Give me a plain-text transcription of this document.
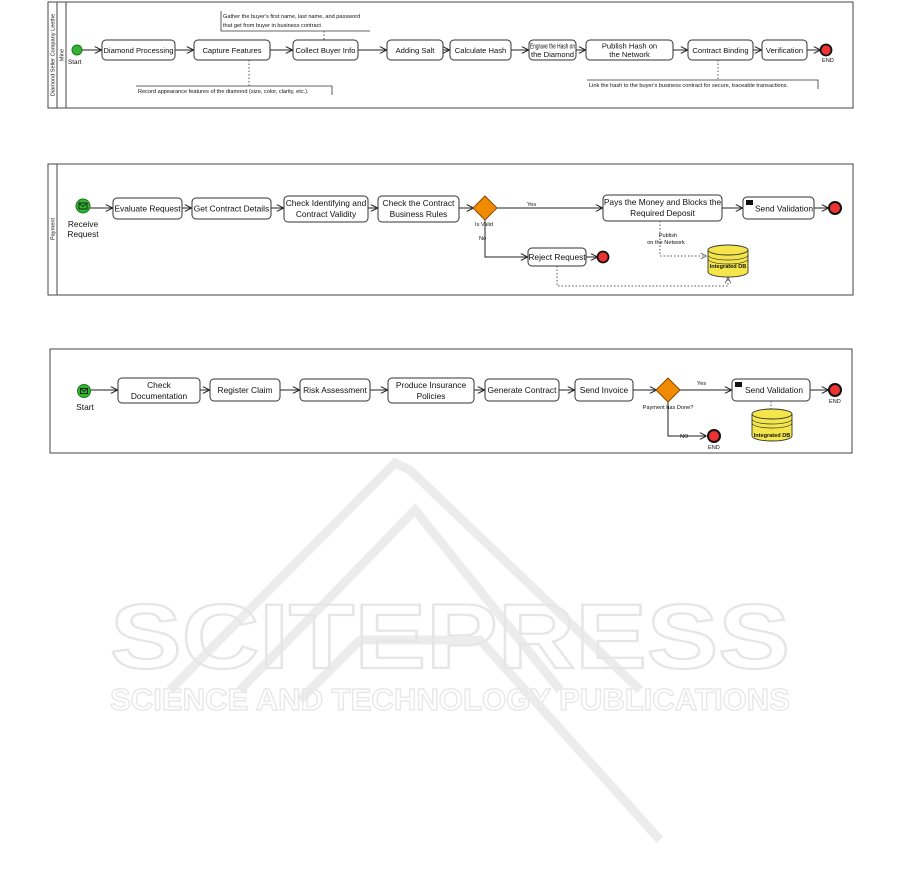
SCITEPRESS
SCIENCE AND TECHNOLOGY PUBLICATIONS
Diamond Seller Company Leethe Mine
Start
Diamond Processing	Capture Features	Collect Buyer Info	Adding Salt	Calculate Hash	Engrave the Hash on
the Diamond
Publish Hash on
the Network	Contract Binding Verification
END
Gather the buyer's first name, last name, and password
that get from buyer in business contract
Record appearance features of the diamond (size, color, clarity, etc.).
Link the hash to the buyer's business contract for secure, traceable transactions.
Payment Receive
Request
Evaluate Request Get Contract Details
Check Identifying and
Contract Validity
Check the Contract
Business Rules
Is Valid
Yes
No
Pays the Money and Blocks the
Required Deposit	Send Validation
Reject Request
Publish
on the Network
Integrated DB
Start
Check
Documentation
Register Claim	Risk Assessment	Produce Insurance
Policies
Generate Contract	Send Invoice
Payment has Done?
Yes
NO
Send Validation
END
END
Integrated DB
